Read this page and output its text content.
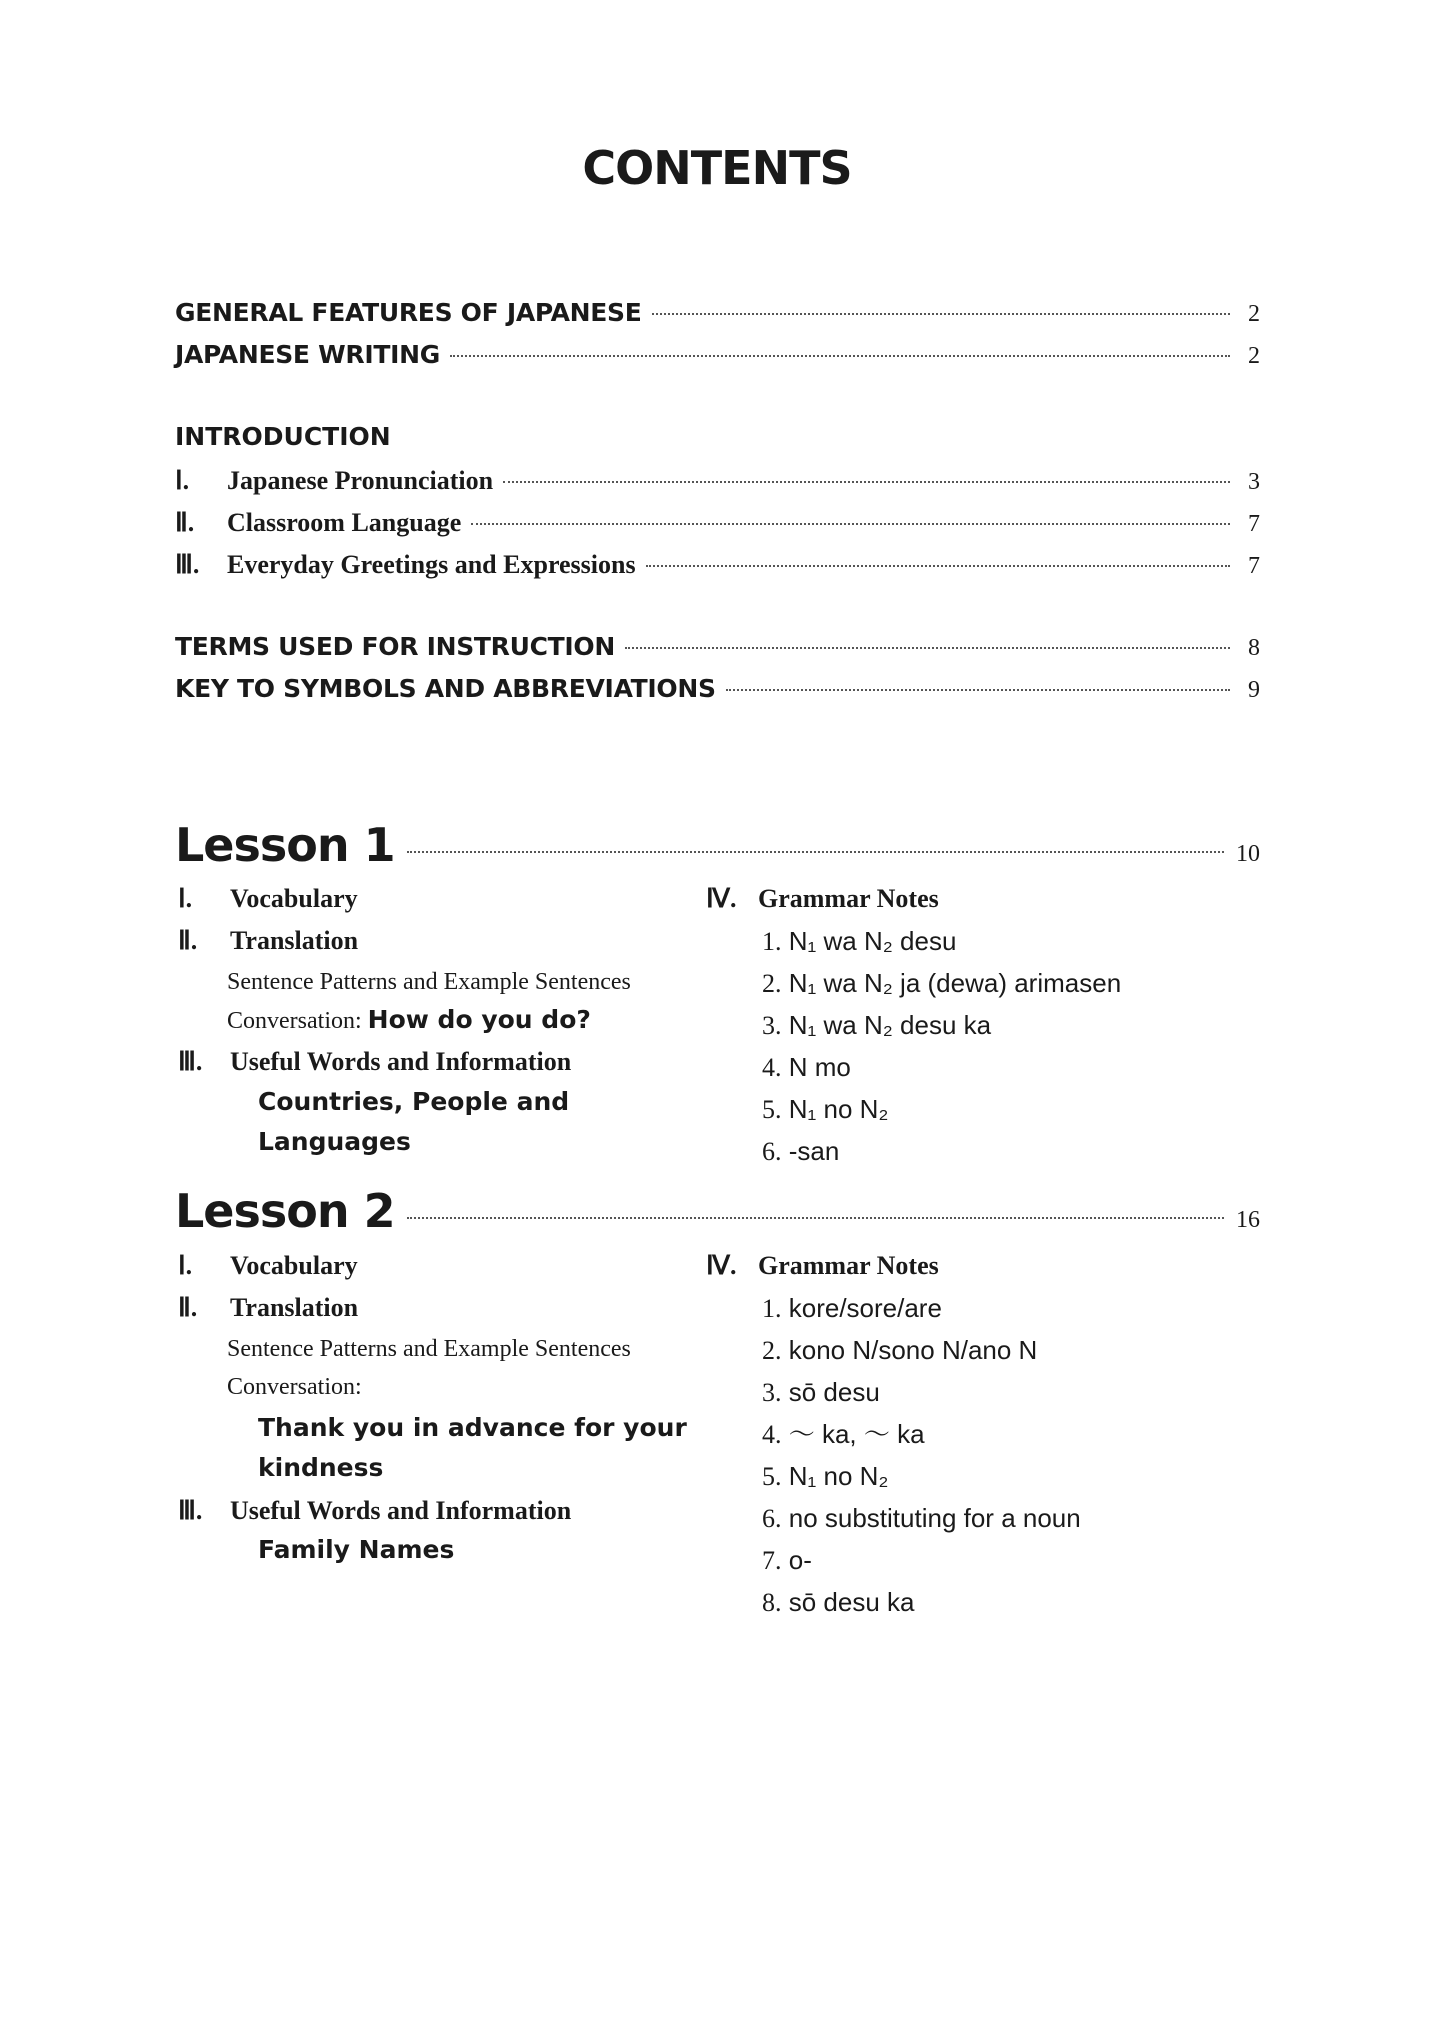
CONTENTS
GENERAL FEATURES OF JAPANESE	2
JAPANESE WRITING	2
INTRODUCTION
Ⅰ. Japanese Pronunciation	3
Ⅱ. Classroom Language	7
Ⅲ. Everyday Greetings and Expressions	7
TERMS USED FOR INSTRUCTION	8
KEY TO SYMBOLS AND ABBREVIATIONS	9
Lesson 1	10
Ⅰ. Vocabulary
Ⅱ. Translation
Sentence Patterns and Example Sentences
Conversation: How do you do?
Ⅲ. Useful Words and Information
Countries, People and
Languages
Ⅳ. Grammar Notes
1. N₁ wa N₂ desu
2. N₁ wa N₂ ja (dewa) arimasen
3. N₁ wa N₂ desu ka
4. N mo
5. N₁ no N₂
6. -san
Lesson 2	16
Ⅰ. Vocabulary
Ⅱ. Translation
Sentence Patterns and Example Sentences
Conversation:
Thank you in advance for your
kindness
Ⅲ. Useful Words and Information
Family Names
Ⅳ. Grammar Notes
1. kore/sore/are
2. kono N/sono N/ano N
3. sō desu
4. ～ ka, ～ ka
5. N₁ no N₂
6. no substituting for a noun
7. o-
8. sō desu ka
